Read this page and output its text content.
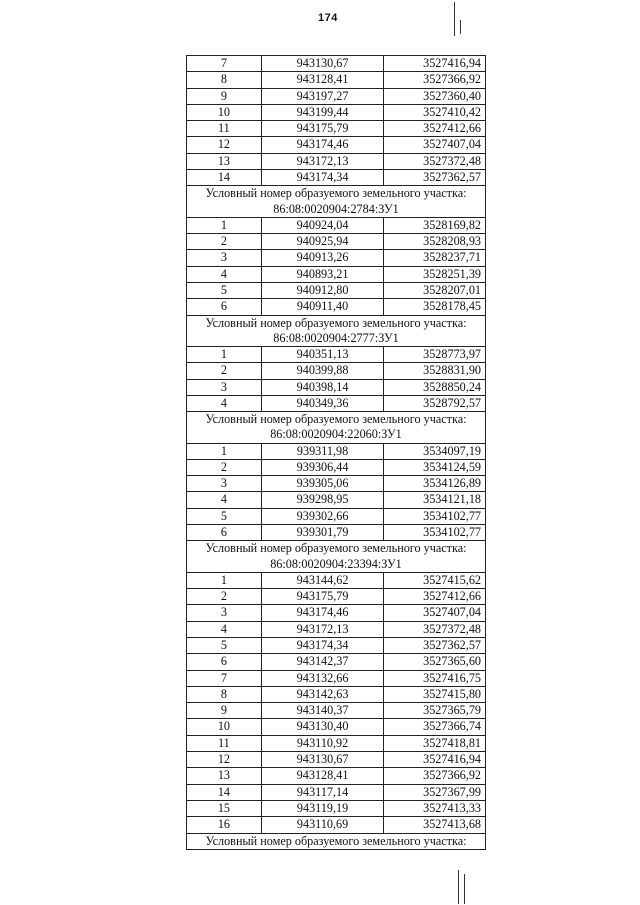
174
7	943130,67	3527416,94
8	943128,41	3527366,92
9	943197,27	3527360,40
10	943199,44	3527410,42
11	943175,79	3527412,66
12	943174,46	3527407,04
13	943172,13	3527372,48
14	943174,34	3527362,57

Условный номер образуемого земельного участка:
86:08:0020904:2784:ЗУ1		

1	940924,04	3528169,82
2	940925,94	3528208,93
3	940913,26	3528237,71
4	940893,21	3528251,39
5	940912,80	3528207,01
6	940911,40	3528178,45

Условный номер образуемого земельного участка:
86:08:0020904:2777:ЗУ1		

1	940351,13	3528773,97
2	940399,88	3528831,90
3	940398,14	3528850,24
4	940349,36	3528792,57

Условный номер образуемого земельного участка:
86:08:0020904:22060:ЗУ1		

1	939311,98	3534097,19
2	939306,44	3534124,59
3	939305,06	3534126,89
4	939298,95	3534121,18
5	939302,66	3534102,77
6	939301,79	3534102,77

Условный номер образуемого земельного участка:
86:08:0020904:23394:ЗУ1		

1	943144,62	3527415,62
2	943175,79	3527412,66
3	943174,46	3527407,04
4	943172,13	3527372,48
5	943174,34	3527362,57
6	943142,37	3527365,60
7	943132,66	3527416,75
8	943142,63	3527415,80
9	943140,37	3527365,79
10	943130,40	3527366,74
11	943110,92	3527418,81
12	943130,67	3527416,94
13	943128,41	3527366,92
14	943117,14	3527367,99
15	943119,19	3527413,33
16	943110,69	3527413,68

Условный номер образуемого земельного участка:		
